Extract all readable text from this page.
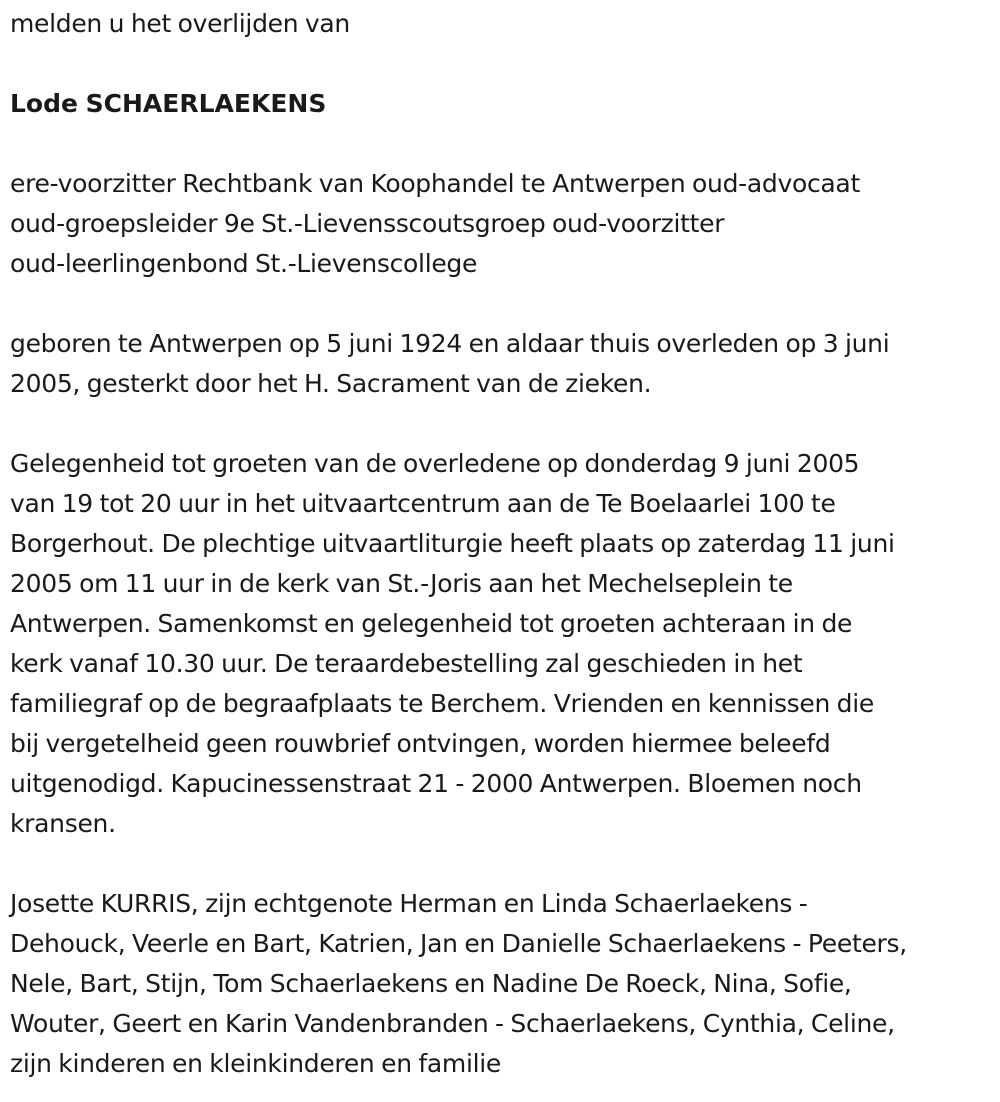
melden u het overlijden van

Lode SCHAERLAEKENS

ere-voorzitter Rechtbank van Koophandel te Antwerpen oud-advocaat
oud-groepsleider 9e St.-Lievensscoutsgroep oud-voorzitter
oud-leerlingenbond St.-Lievenscollege

geboren te Antwerpen op 5 juni 1924 en aldaar thuis overleden op 3 juni
2005, gesterkt door het H. Sacrament van de zieken.

Gelegenheid tot groeten van de overledene op donderdag 9 juni 2005
van 19 tot 20 uur in het uitvaartcentrum aan de Te Boelaarlei 100 te
Borgerhout. De plechtige uitvaartliturgie heeft plaats op zaterdag 11 juni
2005 om 11 uur in de kerk van St.-Joris aan het Mechelseplein te
Antwerpen. Samenkomst en gelegenheid tot groeten achteraan in de
kerk vanaf 10.30 uur. De teraardebestelling zal geschieden in het
familiegraf op de begraafplaats te Berchem. Vrienden en kennissen die
bij vergetelheid geen rouwbrief ontvingen, worden hiermee beleefd
uitgenodigd. Kapucinessenstraat 21 - 2000 Antwerpen. Bloemen noch
kransen.

Josette KURRIS, zijn echtgenote Herman en Linda Schaerlaekens -
Dehouck, Veerle en Bart, Katrien, Jan en Danielle Schaerlaekens - Peeters,
Nele, Bart, Stijn, Tom Schaerlaekens en Nadine De Roeck, Nina, Sofie,
Wouter, Geert en Karin Vandenbranden - Schaerlaekens, Cynthia, Celine,
zijn kinderen en kleinkinderen en familie
